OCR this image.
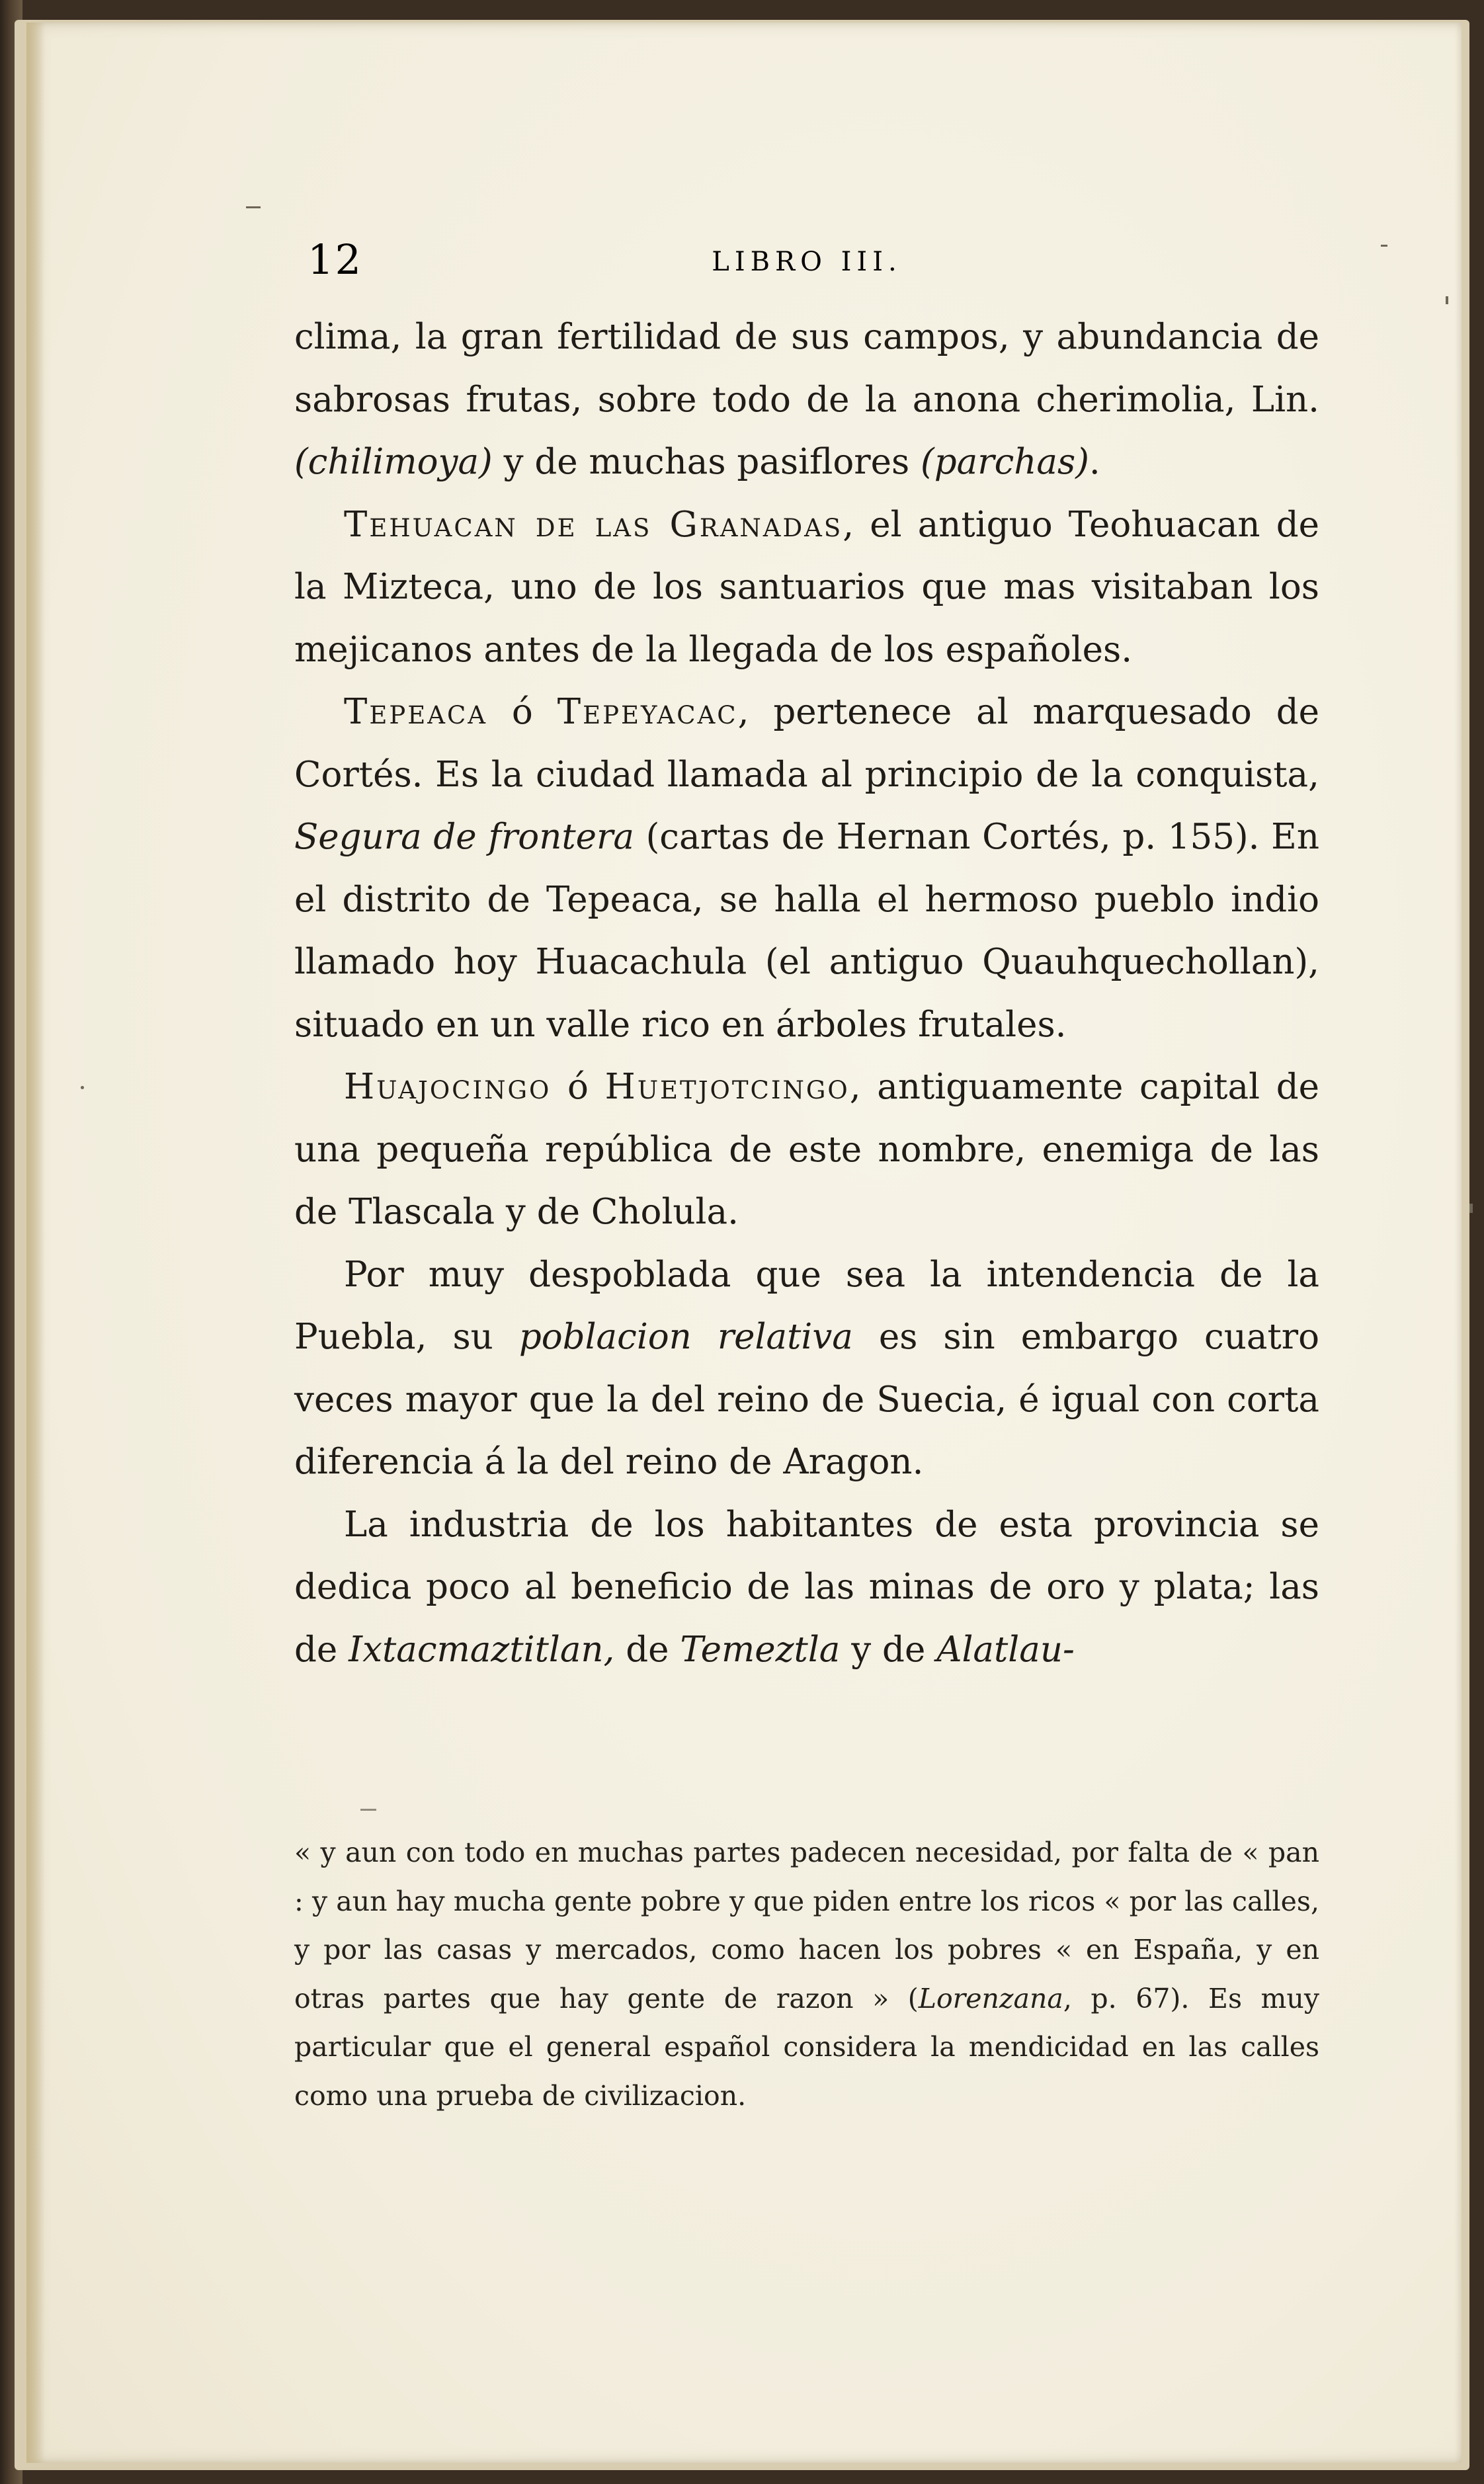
12	LIBRO III.

clima, la gran fertilidad de sus campos, y abundancia de sabrosas frutas, sobre todo de la anona cherimolia, Lin. (chilimoya) y de muchas pasiflores (parchas).

Tehuacan de las Granadas, el antiguo Teohuacan de la Mizteca, uno de los santuarios que mas visitaban los mejicanos antes de la llegada de los españoles.

Tepeaca ó Tepeyacac, pertenece al marquesado de Cortés. Es la ciudad llamada al principio de la conquista, Segura de frontera (cartas de Hernan Cortés, p. 155). En el distrito de Tepeaca, se halla el hermoso pueblo indio llamado hoy Huacachula (el antiguo Quauhquechollan), situado en un valle rico en árboles frutales.

Huajocingo ó Huetjotcingo, antiguamente capital de una pequeña república de este nombre, enemiga de las de Tlascala y de Cholula.

Por muy despoblada que sea la intendencia de la Puebla, su poblacion relativa es sin embargo cuatro veces mayor que la del reino de Suecia, é igual con corta diferencia á la del reino de Aragon.

La industria de los habitantes de esta provincia se dedica poco al beneficio de las minas de oro y plata; las de Ixtacmaztitlan, de Temeztla y de Alatlau-

« y aun con todo en muchas partes padecen necesidad, por falta de « pan : y aun hay mucha gente pobre y que piden entre los ricos « por las calles, y por las casas y mercados, como hacen los pobres « en España, y en otras partes que hay gente de razon » (Lorenzana, p. 67). Es muy particular que el general español considera la mendicidad en las calles como una prueba de civilizacion.
